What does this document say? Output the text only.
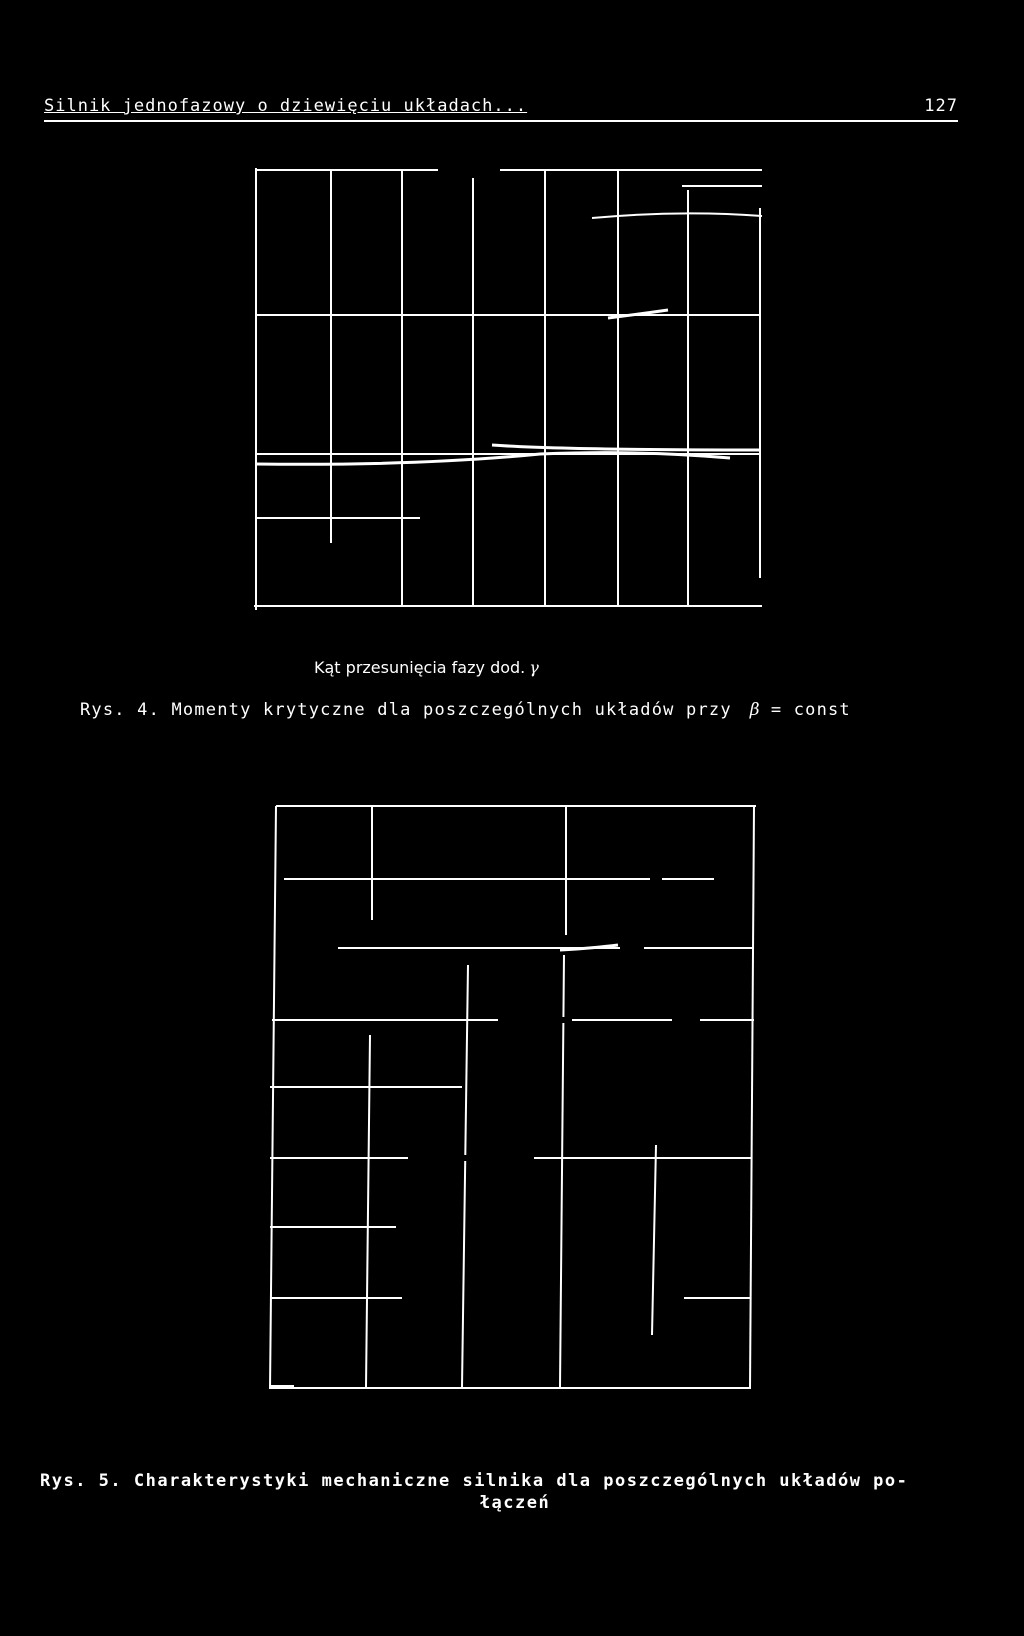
Silnik jednofazowy o dziewięciu układach...	127
Kąt przesunięcia fazy dod. γ
Rys. 4. Momenty krytyczne dla poszczególnych układów przy β = const
Rys. 5. Charakterystyki mechaniczne silnika dla poszczególnych układów po-
łączeń
